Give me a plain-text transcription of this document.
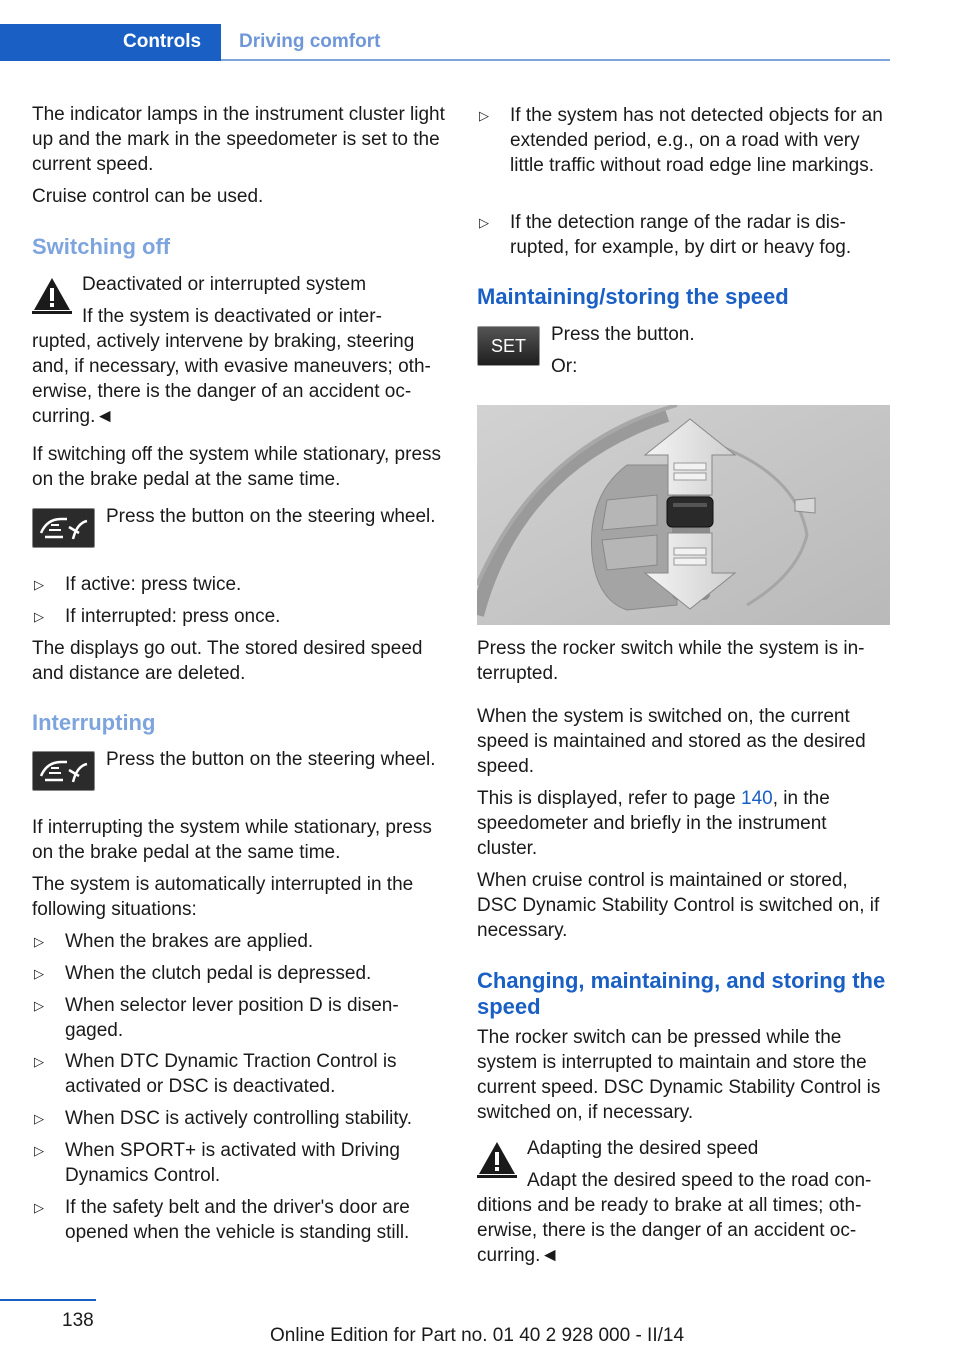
Controls Driving comfort

The indicator lamps in the instrument cluster light up and the mark in the speedometer is set to the current speed.

Cruise control can be used.

Switching off

Deactivated or interrupted system

If the system is deactivated or inter‐

rupted, actively intervene by braking, steering and, if necessary, with evasive maneuvers; oth‐erwise, there is the danger of an accident oc‐curring.◄

If switching off the system while stationary, press on the brake pedal at the same time.

Press the button on the steering wheel.

▷ If active: press twice.
▷ If interrupted: press once.

The displays go out. The stored desired speed and distance are deleted.

Interrupting

Press the button on the steering wheel.

If interrupting the system while stationary, press on the brake pedal at the same time.

The system is automatically interrupted in the following situations:

▷ When the brakes are applied.
▷ When the clutch pedal is depressed.
▷ When selector lever position D is disen‐gaged.
▷ When DTC Dynamic Traction Control is activated or DSC is deactivated.
▷ When DSC is actively controlling stability.
▷ When SPORT+ is activated with Driving Dynamics Control.
▷ If the safety belt and the driver's door are opened when the vehicle is standing still.
▷ If the system has not detected objects for an extended period, e.g., on a road with very little traffic without road edge line markings.
▷ If the detection range of the radar is dis‐rupted, for example, by dirt or heavy fog.
Maintaining/storing the speed
SET

Press the button.

Or:

Press the rocker switch while the system is in‐terrupted.

When the system is switched on, the current speed is maintained and stored as the desired speed.

This is displayed, refer to page 140, in the speedometer and briefly in the instrument cluster.

When cruise control is maintained or stored, DSC Dynamic Stability Control is switched on, if necessary.

Changing, maintaining, and storing the speed

The rocker switch can be pressed while the system is interrupted to maintain and store the current speed. DSC Dynamic Stability Control is switched on, if necessary.

Adapting the desired speed

Adapt the desired speed to the road con‐

ditions and be ready to brake at all times; oth‐erwise, there is the danger of an accident oc‐curring.◄

138
Online Edition for Part no. 01 40 2 928 000 - II/14
